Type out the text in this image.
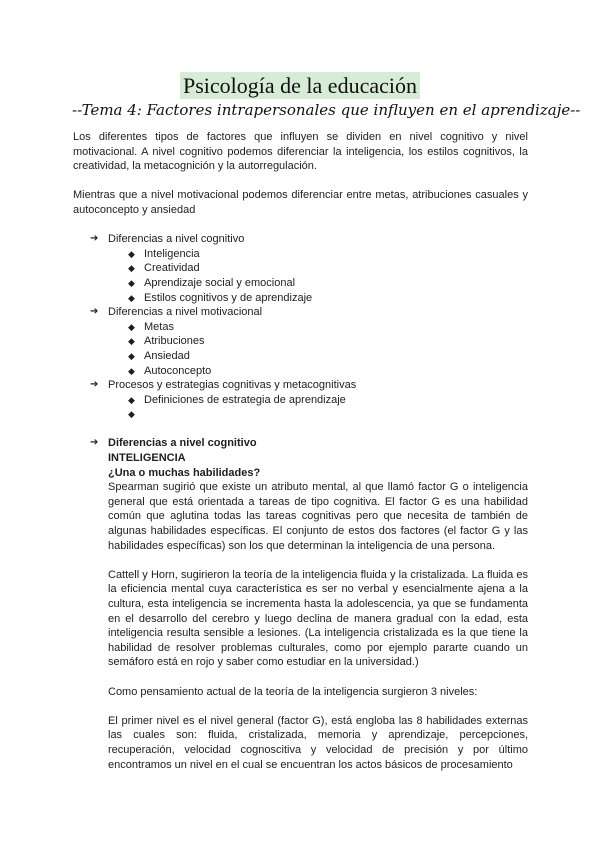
Psicología de la educación
--Tema 4: Factores intrapersonales que influyen en el aprendizaje--

Los diferentes tipos de factores que influyen se dividen en nivel cognitivo y nivel motivacional. A nivel cognitivo podemos diferenciar la inteligencia, los estilos cognitivos, la creatividad, la metacognición y la autorregulación.

Mientras que a nivel motivacional podemos diferenciar entre metas, atribuciones casuales y autoconcepto y ansiedad

➔ Diferencias a nivel cognitivo
◆ Inteligencia
◆ Creatividad
◆ Aprendizaje social y emocional
◆ Estilos cognitivos y de aprendizaje
➔ Diferencias a nivel motivacional
◆ Metas
◆ Atribuciones
◆ Ansiedad
◆ Autoconcepto
➔ Procesos y estrategias cognitivas y metacognitivas
◆ Definiciones de estrategia de aprendizaje
◆

➔ Diferencias a nivel cognitivo
INTELIGENCIA
¿Una o muchas habilidades?

Spearman sugirió que existe un atributo mental, al que llamó factor G o inteligencia general que está orientada a tareas de tipo cognitiva. El factor G es una habilidad común que aglutina todas las tareas cognitivas pero que necesita de también de algunas habilidades específicas. El conjunto de estos dos factores (el factor G y las habilidades específicas) son los que determinan la inteligencia de una persona.

Cattell y Horn, sugirieron la teoría de la inteligencia fluida y la cristalizada. La fluida es la eficiencia mental cuya característica es ser no verbal y esencialmente ajena a la cultura, esta inteligencia se incrementa hasta la adolescencia, ya que se fundamenta en el desarrollo del cerebro y luego declina de manera gradual con la edad, esta inteligencia resulta sensible a lesiones. (La inteligencia cristalizada es la que tiene la habilidad de resolver problemas culturales, como por ejemplo pararte cuando un semáforo está en rojo y saber como estudiar en la universidad.)

Como pensamiento actual de la teoría de la inteligencia surgieron 3 niveles:

El primer nivel es el nivel general (factor G), está engloba las 8 habilidades externas las cuales son: fluida, cristalizada, memoria y aprendizaje, percepciones, recuperación, velocidad cognoscitiva y velocidad de precisión y por último encontramos un nivel en el cual se encuentran los actos básicos de procesamiento
